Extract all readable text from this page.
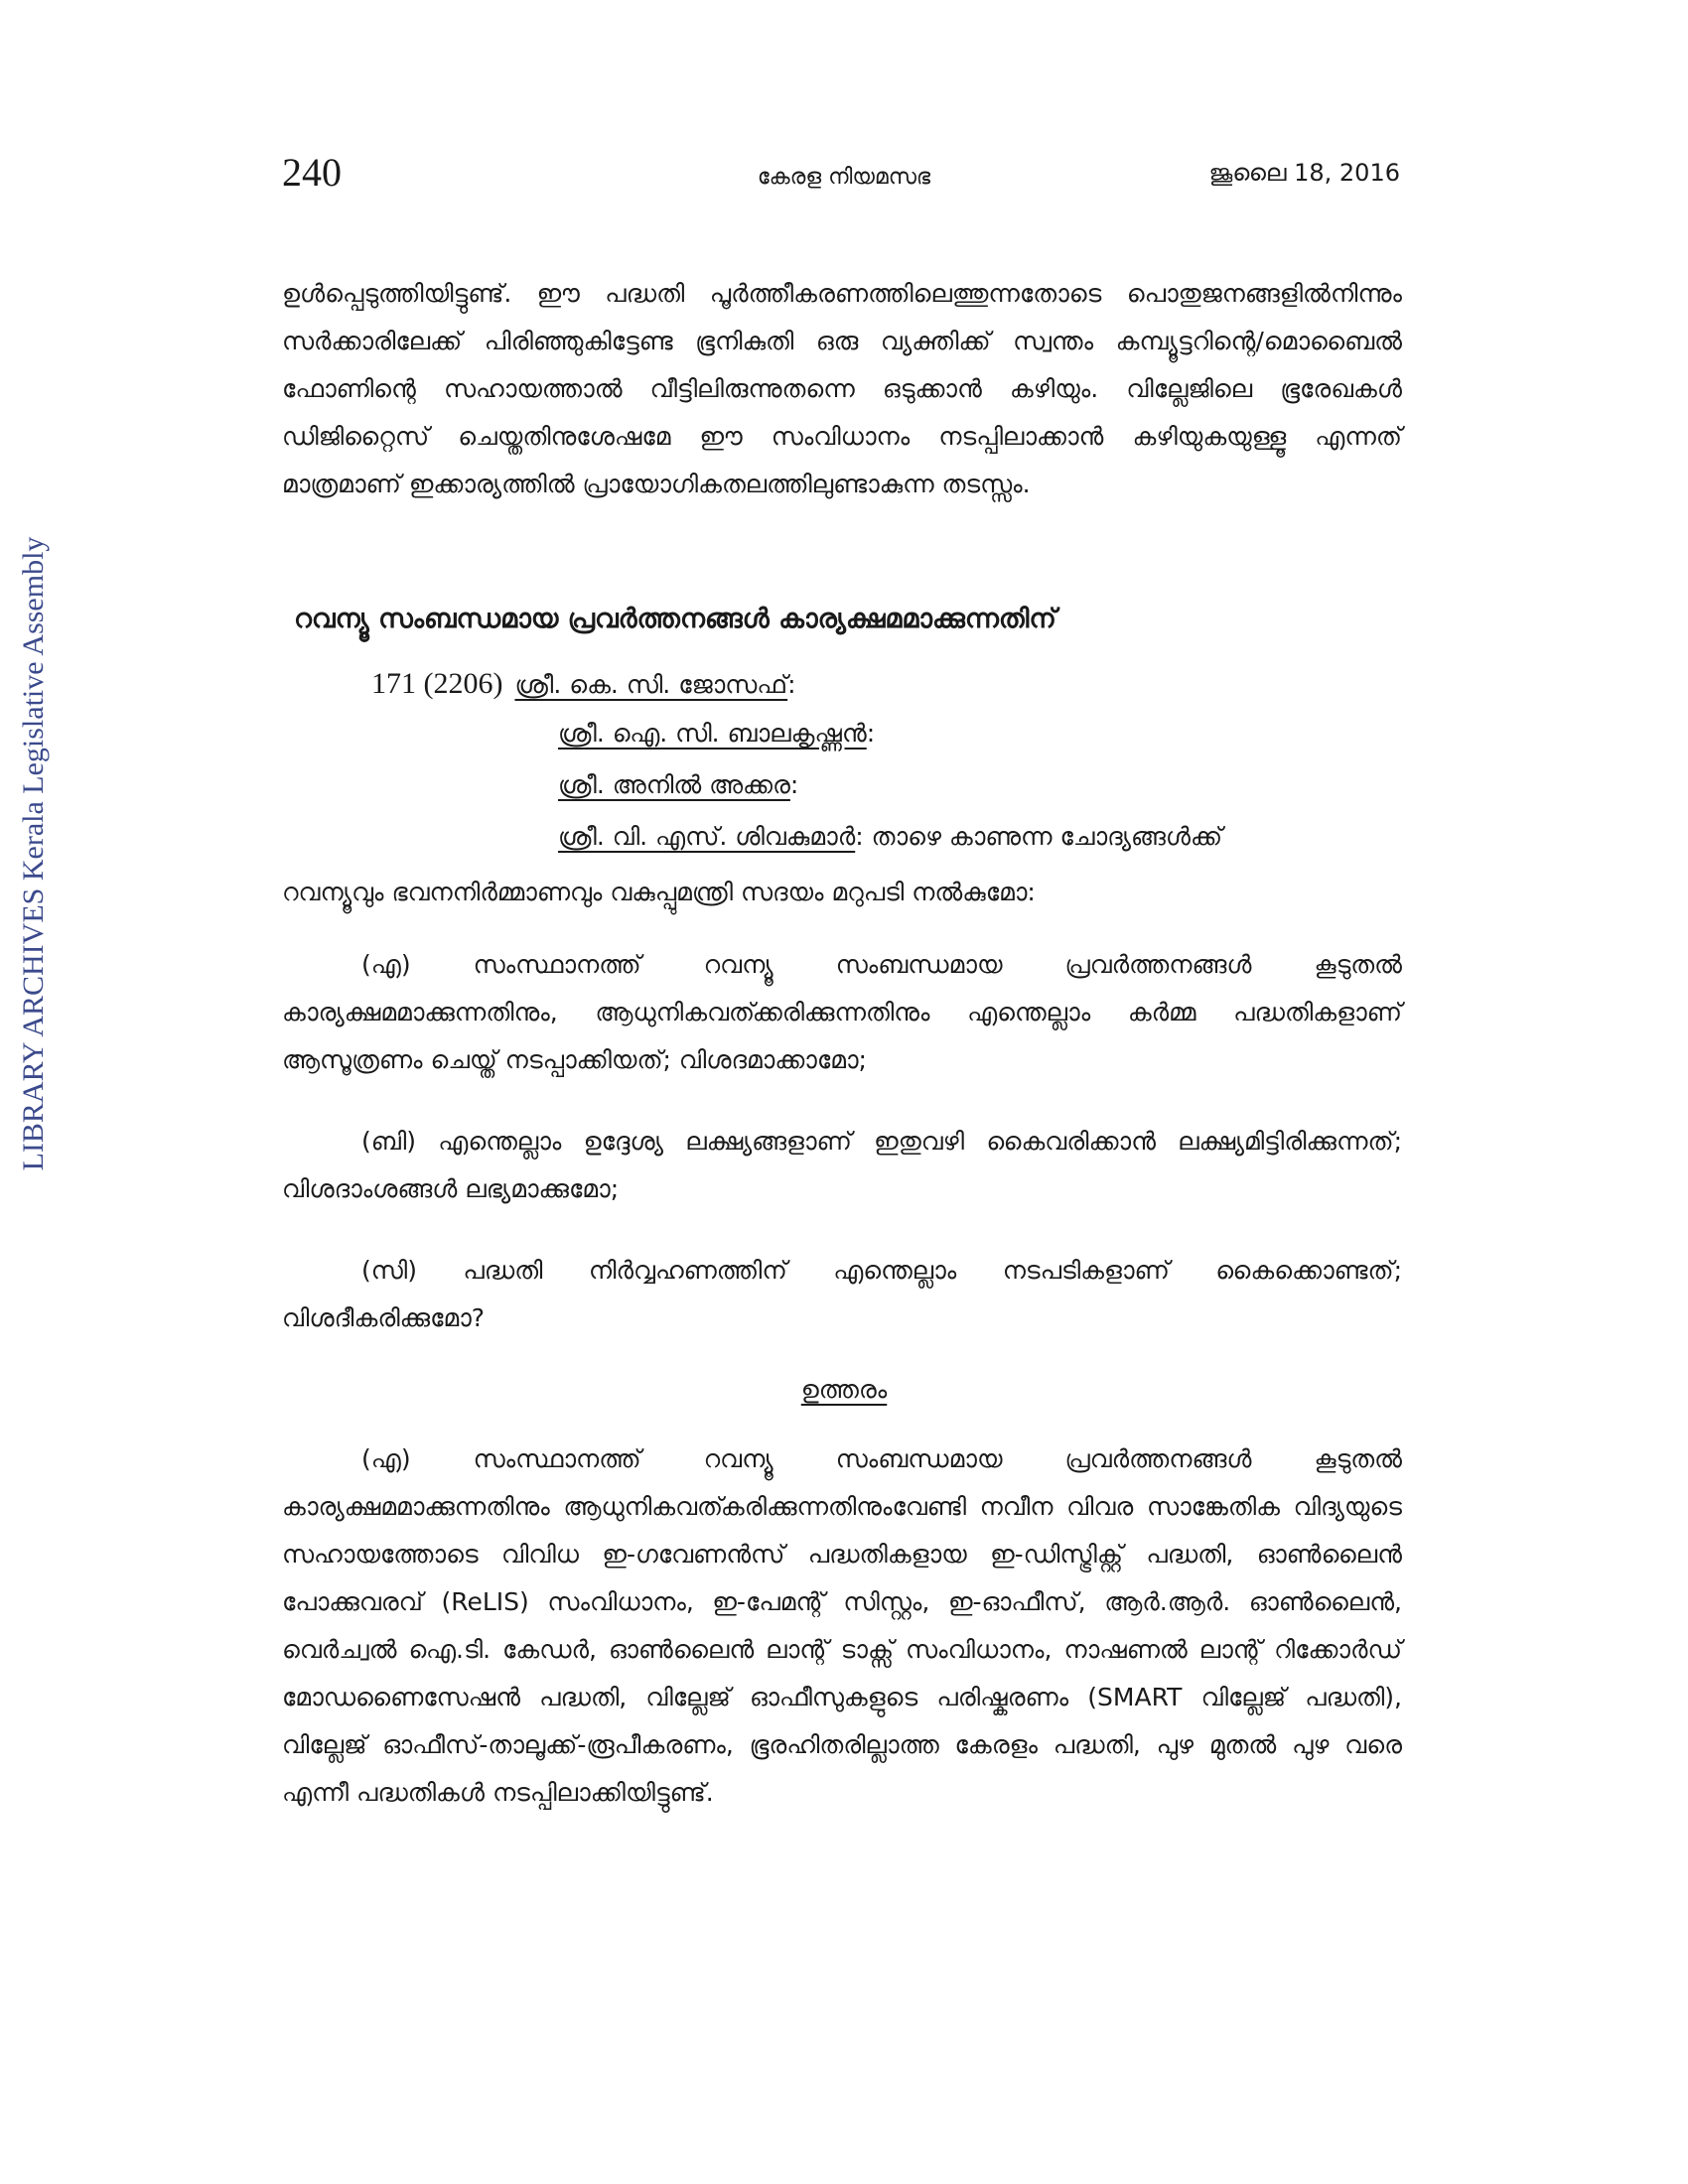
LIBRARY ARCHIVES Kerala Legislative Assembly
240	കേരള നിയമസഭ	ജൂലൈ 18, 2016
ഉൾപ്പെടുത്തിയിട്ടുണ്ട്. ഈ പദ്ധതി പൂർത്തീകരണത്തിലെത്തുന്നതോടെ പൊതുജനങ്ങളിൽനിന്നും സർക്കാരിലേക്ക് പിരിഞ്ഞുകിട്ടേണ്ട ഭൂനികുതി ഒരു വ്യക്തിക്ക് സ്വന്തം കമ്പ്യൂട്ടറിന്റെ/മൊബൈൽ ഫോണിന്റെ സഹായത്താൽ വീട്ടിലിരുന്നുതന്നെ ഒടുക്കാൻ കഴിയും. വില്ലേജിലെ ഭൂരേഖകൾ ഡിജിറ്റൈസ് ചെയ്തതിനുശേഷമേ ഈ സംവിധാനം നടപ്പിലാക്കാൻ കഴിയുകയുള്ളൂ എന്നത് മാത്രമാണ് ഇക്കാര്യത്തിൽ പ്രായോഗികതലത്തിലുണ്ടാകുന്ന തടസ്സം.
റവന്യൂ സംബന്ധമായ പ്രവർത്തനങ്ങൾ കാര്യക്ഷമമാക്കുന്നതിന്
171 (2206) ശ്രീ. കെ. സി. ജോസഫ്:
ശ്രീ. ഐ. സി. ബാലകൃഷ്ണൻ:
ശ്രീ. അനിൽ അക്കര:
ശ്രീ. വി. എസ്. ശിവകുമാർ: താഴെ കാണുന്ന ചോദ്യങ്ങൾക്ക്
റവന്യൂവും ഭവനനിർമ്മാണവും വകുപ്പുമന്ത്രി സദയം മറുപടി നൽകുമോ:
(എ) സംസ്ഥാനത്ത് റവന്യൂ സംബന്ധമായ പ്രവർത്തനങ്ങൾ കൂടുതൽ കാര്യക്ഷമമാക്കുന്നതിനും, ആധുനികവത്ക്കരിക്കുന്നതിനും എന്തെല്ലാം കർമ്മ പദ്ധതികളാണ് ആസൂത്രണം ചെയ്ത് നടപ്പാക്കിയത്; വിശദമാക്കാമോ;
(ബി) എന്തെല്ലാം ഉദ്ദേശ്യ ലക്ഷ്യങ്ങളാണ് ഇതുവഴി കൈവരിക്കാൻ ലക്ഷ്യമിട്ടിരിക്കുന്നത്; വിശദാംശങ്ങൾ ലഭ്യമാക്കുമോ;
(സി) പദ്ധതി നിർവ്വഹണത്തിന് എന്തെല്ലാം നടപടികളാണ് കൈക്കൊണ്ടത്; വിശദീകരിക്കുമോ?
ഉത്തരം
(എ) സംസ്ഥാനത്ത് റവന്യൂ സംബന്ധമായ പ്രവർത്തനങ്ങൾ കൂടുതൽ കാര്യക്ഷമമാക്കുന്നതിനും ആധുനികവത്കരിക്കുന്നതിനുംവേണ്ടി നവീന വിവര സാങ്കേതിക വിദ്യയുടെ സഹായത്തോടെ വിവിധ ഇ-ഗവേണൻസ് പദ്ധതികളായ ഇ-ഡിസ്ട്രിക്റ്റ് പദ്ധതി, ഓൺലൈൻ പോക്കുവരവ് (ReLIS) സംവിധാനം, ഇ-പേമന്റ് സിസ്റ്റം, ഇ-ഓഫീസ്, ആർ.ആർ. ഓൺലൈൻ, വെർച്വൽ ഐ.ടി. കേഡർ, ഓൺലൈൻ ലാന്റ് ടാക്സ് സംവിധാനം, നാഷണൽ ലാന്റ് റിക്കോർഡ് മോഡണൈസേഷൻ പദ്ധതി, വില്ലേജ് ഓഫീസുകളുടെ പരിഷ്കരണം (SMART വില്ലേജ് പദ്ധതി), വില്ലേജ് ഓഫീസ്-താലൂക്ക്-രൂപീകരണം, ഭൂരഹിതരില്ലാത്ത കേരളം പദ്ധതി, പുഴ മുതൽ പുഴ വരെ എന്നീ പദ്ധതികൾ നടപ്പിലാക്കിയിട്ടുണ്ട്.
